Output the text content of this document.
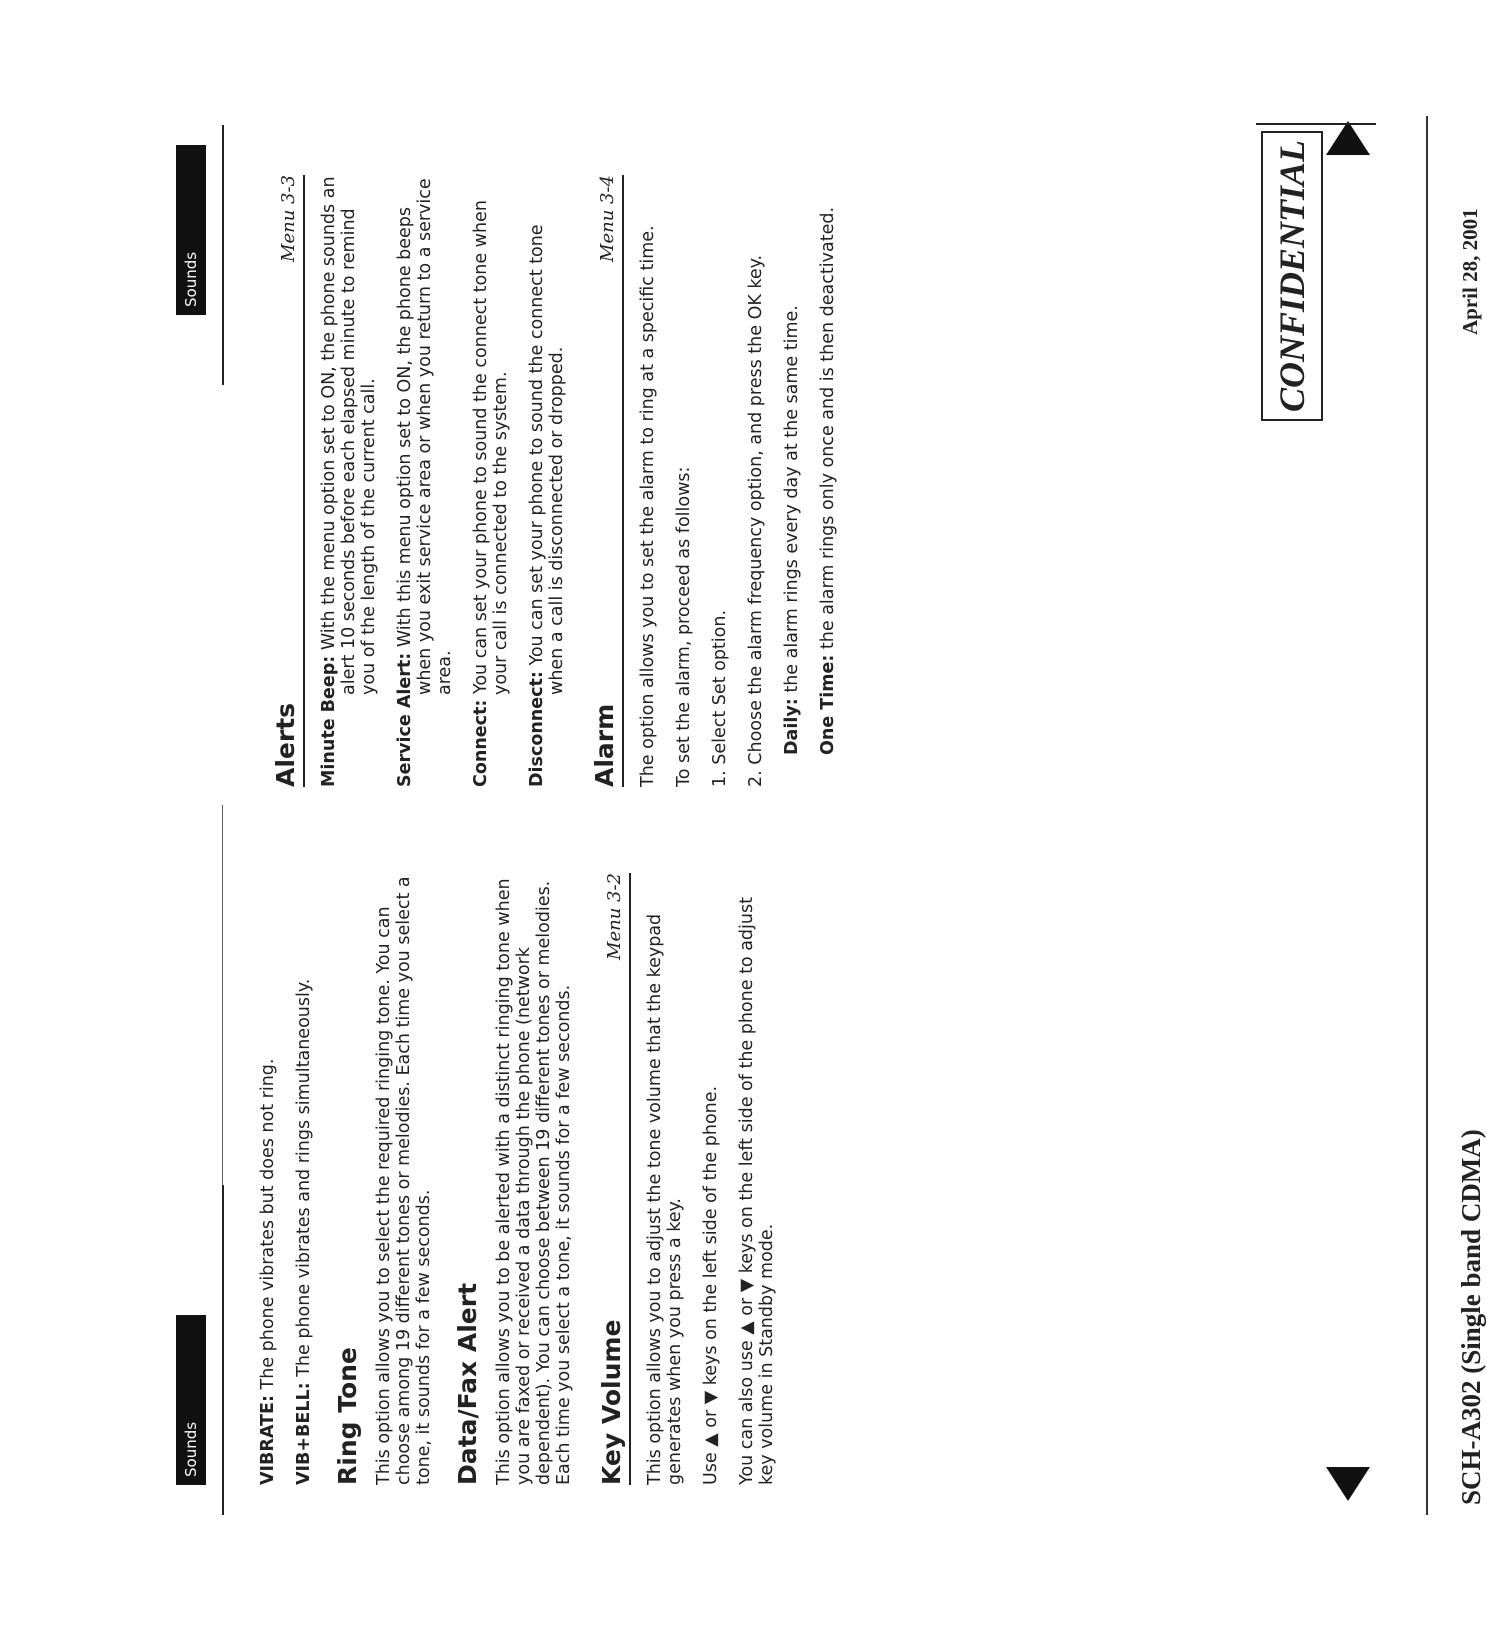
Sounds
Sounds

VIBRATE: The phone vibrates but does not ring.

VIB+BELL: The phone vibrates and rings simultaneously.

Ring Tone This option allows you to select the required ringing tone. You can choose among 19 different tones or melodies. Each time you select a tone, it sounds for a few seconds. Data/Fax Alert This option allows you to be alerted with a distinct ringing tone when you are faxed or received a data through the phone (network dependent). You can choose between 19 different tones or melodies. Each time you select a tone, it sounds for a few seconds. Key Volume
Menu 3-2 This option allows you to adjust the tone volume that the keypad generates when you press a key. Use ▲ or ▼ keys on the left side of the phone. You can also use ▲ or ▼ keys on the left side of the phone to adjust key volume in Standby mode.

Alerts
Menu 3-3

Minute Beep: With the menu option set to ON, the phone sounds an alert 10 seconds before each elapsed minute to remind you of the length of the current call.

Service Alert: With this menu option set to ON, the phone beeps when you exit service area or when you return to a service area.

Connect: You can set your phone to sound the connect tone when your call is connected to the system.

Disconnect: You can set your phone to sound the connect tone when a call is disconnected or dropped.

Alarm
Menu 3-4

The option allows you to set the alarm to ring at a specific time. To set the alarm, proceed as follows: 1. Select Set option. 2. Choose the alarm frequency option, and press the OK key. Daily: the alarm rings every day at the same time.

One Time: the alarm rings only once and is then deactivated.

SCH-A302 (Single band CDMA)
April 28, 2001
CONFIDENTIAL
